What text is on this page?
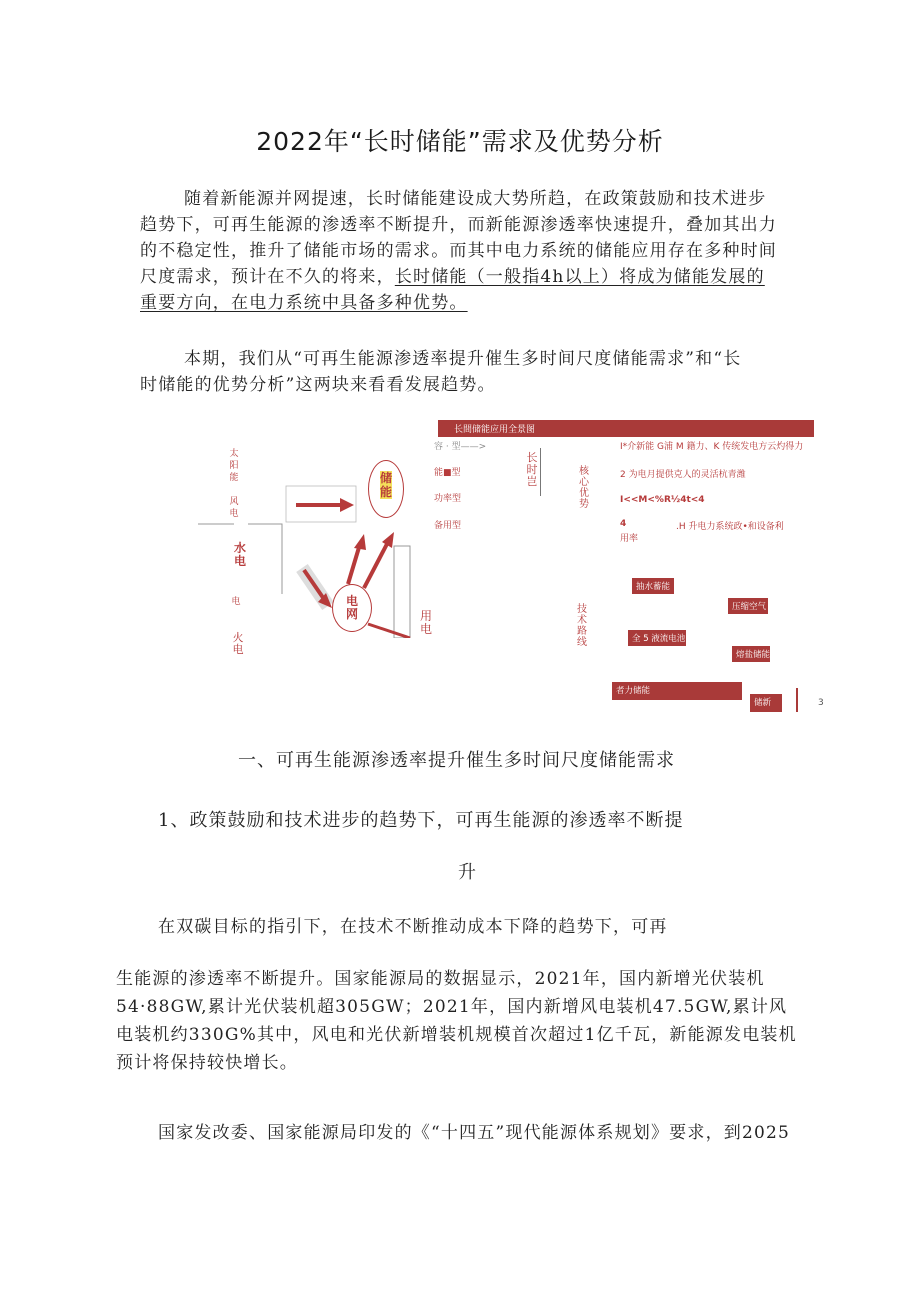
2022年“长时储能”需求及优势分析
随着新能源并网提速，长时储能建设成大势所趋，在政策鼓励和技术进步
趋势下，可再生能源的渗透率不断提升，而新能源渗透率快速提升，叠加其出力
的不稳定性，推升了储能市场的需求。而其中电力系统的储能应用存在多种时间
尺度需求，预计在不久的将来，长时储能（一般指4h以上）将成为储能发展的
重要方向，在电力系统中具备多种优势。
本期，我们从“可再生能源渗透率提升催生多时间尺度储能需求”和“长
时储能的优势分析”这两块来看看发展趋势。
长間储能应用全景图
太阳能
风电
水电
电
火电
储能
电网	用电
容 · 型——>
能■型
功率型
备用型
长时岂
核心优势
I*介新能 G浦 M 籍力、K 传统发电方云灼得力
2 为电月提供克人的灵活杭青潍
I<<M<%R½4t<4
4	.H 升电力系统政•和设备利
用率
技术路线
抽水蓄能
压缩空气
全 5 液流电池
熔盐储能
者力储能
储新	3
一、可再生能源渗透率提升催生多时间尺度储能需求
1、政策鼓励和技术进步的趋势下，可再生能源的渗透率不断提
升
在双碳目标的指引下，在技术不断推动成本下降的趋势下，可再
生能源的渗透率不断提升。国家能源局的数据显示，2021年，国内新增光伏装机
54·88GW,累计光伏装机超305GW；2021年，国内新增风电装机47.5GW,累计风
电装机约330G%其中，风电和光伏新增装机规模首次超过1亿千瓦，新能源发电装机
预计将保持较快增长。
国家发改委、国家能源局印发的《“十四五”现代能源体系规划》要求，到2025
